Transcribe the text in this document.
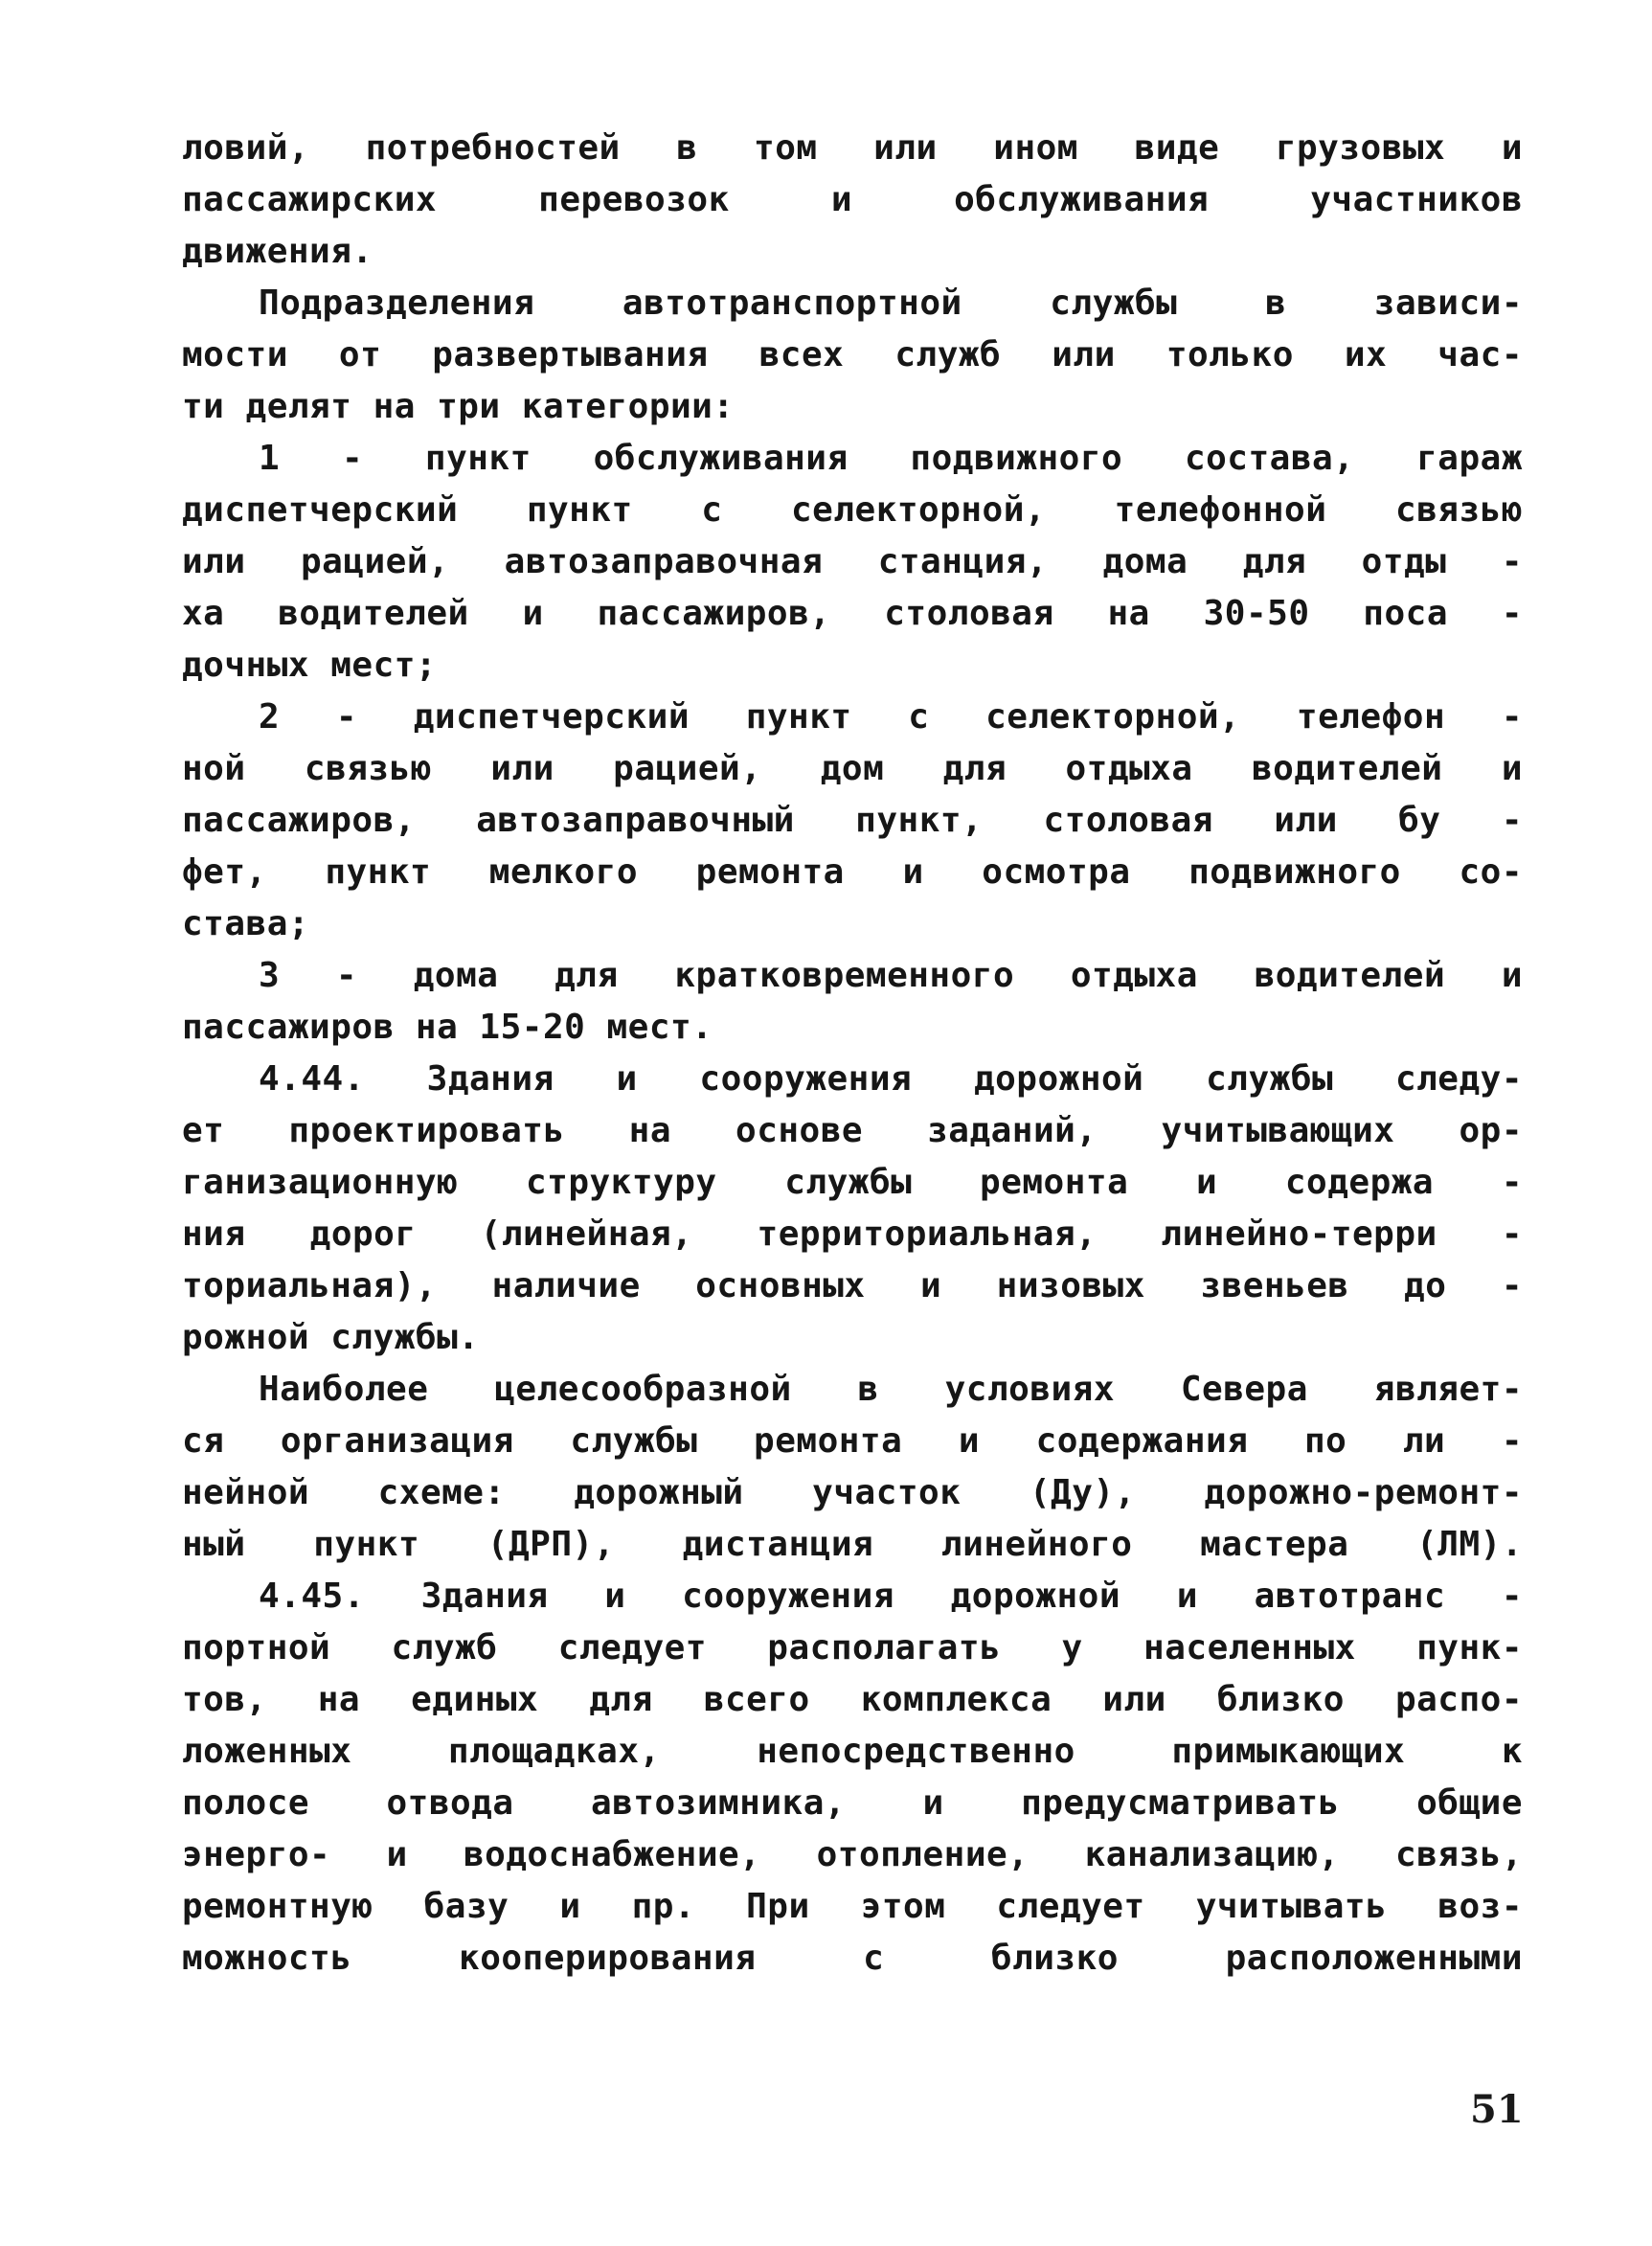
ловий, потребностей в том или ином виде грузовых и
пассажирских перевозок и обслуживания участников
движения.
Подразделения автотранспортной службы в зависи-
мости от развертывания всех служб или только их час-
ти делят на три категории:
1 - пункт обслуживания подвижного состава, гараж
диспетчерский пункт с селекторной, телефонной связью
или рацией, автозаправочная станция, дома для отды -
ха водителей и пассажиров, столовая на 30-50 поса -
дочных мест;
2 - диспетчерский пункт с селекторной, телефон -
ной связью или рацией, дом для отдыха водителей и
пассажиров, автозаправочный пункт, столовая или бу -
фет, пункт мелкого ремонта и осмотра подвижного со-
става;
3 - дома для кратковременного отдыха водителей и
пассажиров на 15-20 мест.
4.44. Здания и сооружения дорожной службы следу-
ет проектировать на основе заданий, учитывающих ор-
ганизационную структуру службы ремонта и содержа -
ния дорог (линейная, территориальная, линейно-терри -
ториальная), наличие основных и низовых звеньев до -
рожной службы.
Наиболее целесообразной в условиях Севера являет-
ся организация службы ремонта и содержания по ли -
нейной схеме: дорожный участок (Ду), дорожно-ремонт-
ный пункт (ДРП), дистанция линейного мастера (ЛМ).
4.45. Здания и сооружения дорожной и автотранс -
портной служб следует располагать у населенных пунк-
тов, на единых для всего комплекса или близко распо-
ложенных площадках, непосредственно примыкающих к
полосе отвода автозимника, и предусматривать общие
энерго- и водоснабжение, отопление, канализацию, связь,
ремонтную базу и пр. При этом следует учитывать воз-
можность кооперирования с близко расположенными
51
